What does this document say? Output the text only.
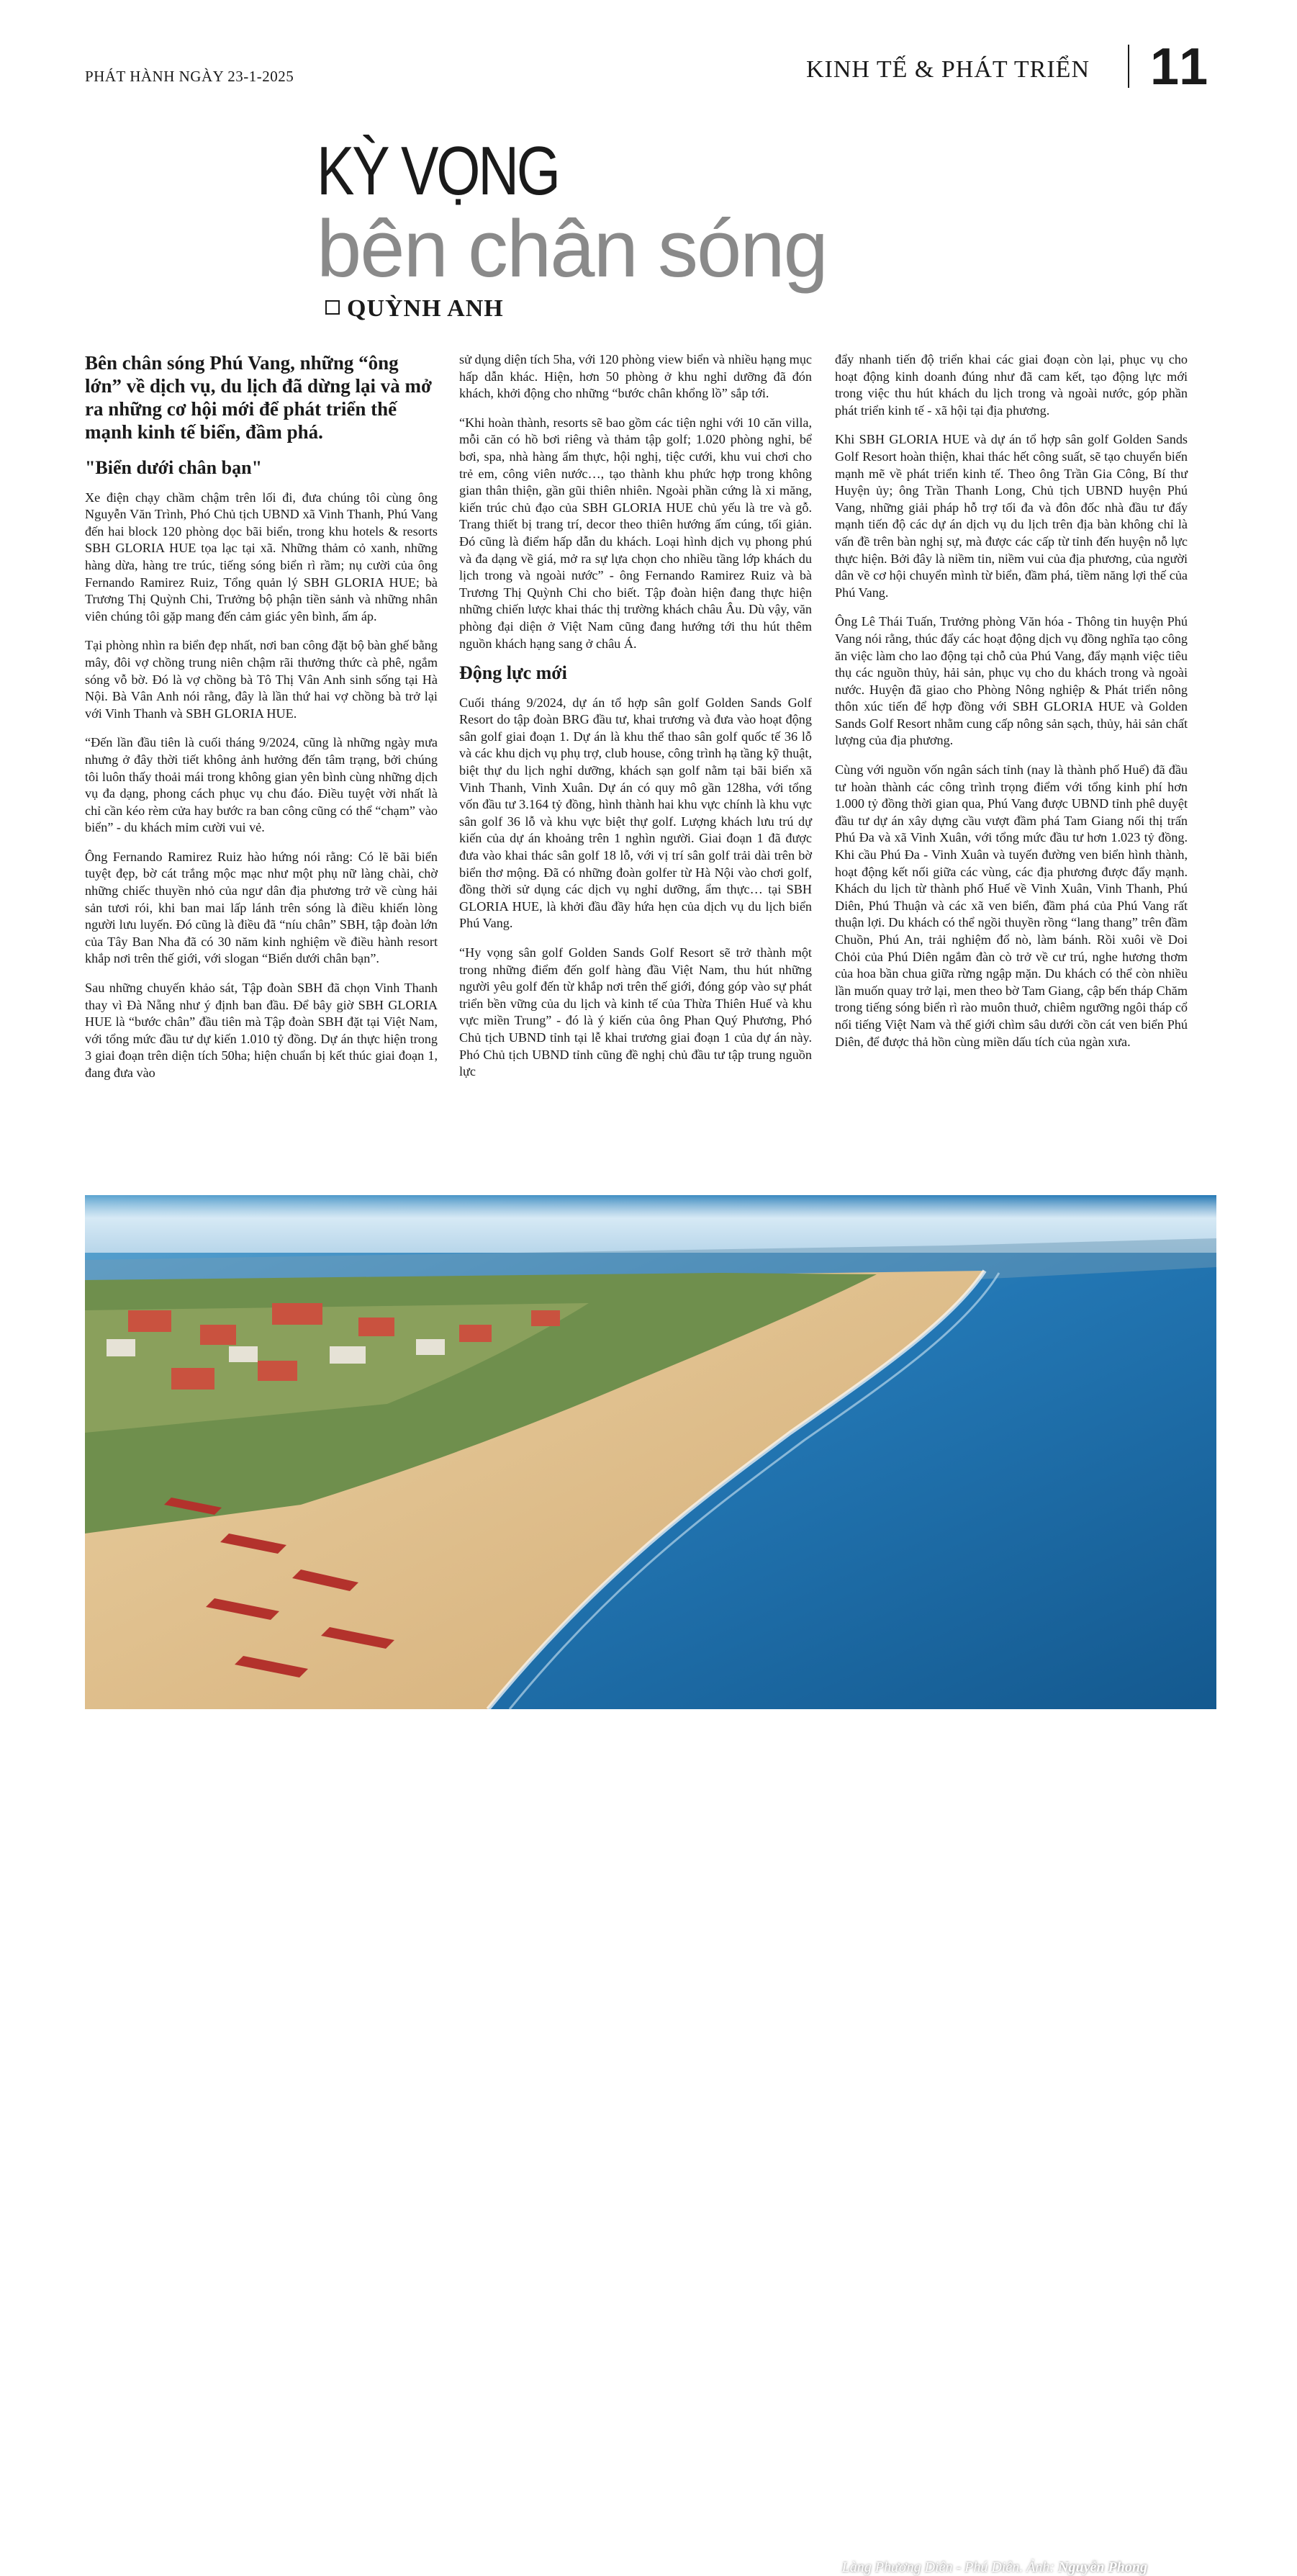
PHÁT HÀNH NGÀY 23-1-2025	KINH TẾ & PHÁT TRIỂN 11
KỲ VỌNG
bên chân sóng
QUỲNH ANH

Bên chân sóng Phú Vang, những “ông lớn” về dịch vụ, du lịch đã dừng lại và mở ra những cơ hội mới để phát triển thế mạnh kinh tế biển, đầm phá.

"Biển dưới chân bạn"

Xe điện chạy chầm chậm trên lối đi, đưa chúng tôi cùng ông Nguyễn Văn Trình, Phó Chủ tịch UBND xã Vinh Thanh, Phú Vang đến hai block 120 phòng dọc bãi biển, trong khu hotels & resorts SBH GLORIA HUE tọa lạc tại xã. Những thảm cỏ xanh, những hàng dừa, hàng tre trúc, tiếng sóng biển rì rầm; nụ cười của ông Fernando Ramirez Ruiz, Tổng quản lý SBH GLORIA HUE; bà Trương Thị Quỳnh Chi, Trưởng bộ phận tiền sảnh và những nhân viên chúng tôi gặp mang đến cảm giác yên bình, ấm áp.

Tại phòng nhìn ra biển đẹp nhất, nơi ban công đặt bộ bàn ghế bằng mây, đôi vợ chồng trung niên chậm rãi thưởng thức cà phê, ngắm sóng vỗ bờ. Đó là vợ chồng bà Tô Thị Vân Anh sinh sống tại Hà Nội. Bà Vân Anh nói rằng, đây là lần thứ hai vợ chồng bà trở lại với Vinh Thanh và SBH GLORIA HUE.

“Đến lần đầu tiên là cuối tháng 9/2024, cũng là những ngày mưa nhưng ở đây thời tiết không ảnh hưởng đến tâm trạng, bởi chúng tôi luôn thấy thoải mái trong không gian yên bình cùng những dịch vụ đa dạng, phong cách phục vụ chu đáo. Điều tuyệt vời nhất là chỉ cần kéo rèm cửa hay bước ra ban công cũng có thể “chạm” vào biển” - du khách mỉm cười vui vẻ.

Ông Fernando Ramirez Ruiz hào hứng nói rằng: Có lẽ bãi biển tuyệt đẹp, bờ cát trắng mộc mạc như một phụ nữ làng chài, chờ những chiếc thuyền nhỏ của ngư dân địa phương trở về cùng hải sản tươi rói, khi ban mai lấp lánh trên sóng là điều khiến lòng người lưu luyến. Đó cũng là điều đã “níu chân” SBH, tập đoàn lớn của Tây Ban Nha đã có 30 năm kinh nghiệm về điều hành resort khắp nơi trên thế giới, với slogan “Biển dưới chân bạn”.

Sau những chuyến khảo sát, Tập đoàn SBH đã chọn Vinh Thanh thay vì Đà Nẵng như ý định ban đầu. Để bây giờ SBH GLORIA HUE là “bước chân” đầu tiên mà Tập đoàn SBH đặt tại Việt Nam, với tổng mức đầu tư dự kiến 1.010 tỷ đồng. Dự án thực hiện trong 3 giai đoạn trên diện tích 50ha; hiện chuẩn bị kết thúc giai đoạn 1, đang đưa vào

sử dụng diện tích 5ha, với 120 phòng view biển và nhiều hạng mục hấp dẫn khác. Hiện, hơn 50 phòng ở khu nghỉ dưỡng đã đón khách, khởi động cho những “bước chân khổng lồ” sắp tới.

“Khi hoàn thành, resorts sẽ bao gồm các tiện nghi với 10 căn villa, mỗi căn có hồ bơi riêng và thảm tập golf; 1.020 phòng nghỉ, bể bơi, spa, nhà hàng ẩm thực, hội nghị, tiệc cưới, khu vui chơi cho trẻ em, công viên nước…, tạo thành khu phức hợp trong không gian thân thiện, gần gũi thiên nhiên. Ngoài phần cứng là xi măng, kiến trúc chủ đạo của SBH GLORIA HUE chủ yếu là tre và gỗ. Trang thiết bị trang trí, decor theo thiên hướng ấm cúng, tối giản. Đó cũng là điểm hấp dẫn du khách. Loại hình dịch vụ phong phú và đa dạng về giá, mở ra sự lựa chọn cho nhiều tầng lớp khách du lịch trong và ngoài nước” - ông Fernando Ramirez Ruiz và bà Trương Thị Quỳnh Chi cho biết. Tập đoàn hiện đang thực hiện những chiến lược khai thác thị trường khách châu Âu. Dù vậy, văn phòng đại diện ở Việt Nam cũng đang hướng tới thu hút thêm nguồn khách hạng sang ở châu Á.

Động lực mới

Cuối tháng 9/2024, dự án tổ hợp sân golf Golden Sands Golf Resort do tập đoàn BRG đầu tư, khai trương và đưa vào hoạt động sân golf giai đoạn 1. Dự án là khu thể thao sân golf quốc tế 36 lỗ và các khu dịch vụ phụ trợ, club house, công trình hạ tầng kỹ thuật, biệt thự du lịch nghỉ dưỡng, khách sạn golf nằm tại bãi biển xã Vinh Thanh, Vinh Xuân. Dự án có quy mô gần 128ha, với tổng vốn đầu tư 3.164 tỷ đồng, hình thành hai khu vực chính là khu vực sân golf 36 lỗ và khu vực biệt thự golf. Lượng khách lưu trú dự kiến của dự án khoảng trên 1 nghìn người. Giai đoạn 1 đã được đưa vào khai thác sân golf 18 lỗ, với vị trí sân golf trải dài trên bờ biển thơ mộng. Đã có những đoàn golfer từ Hà Nội vào chơi golf, đồng thời sử dụng các dịch vụ nghỉ dưỡng, ẩm thực… tại SBH GLORIA HUE, là khởi đầu đầy hứa hẹn của dịch vụ du lịch biển Phú Vang.

“Hy vọng sân golf Golden Sands Golf Resort sẽ trở thành một trong những điểm đến golf hàng đầu Việt Nam, thu hút những người yêu golf đến từ khắp nơi trên thế giới, đóng góp vào sự phát triển bền vững của du lịch và kinh tế của Thừa Thiên Huế và khu vực miền Trung” - đó là ý kiến của ông Phan Quý Phương, Phó Chủ tịch UBND tỉnh tại lễ khai trương giai đoạn 1 của dự án này. Phó Chủ tịch UBND tỉnh cũng đề nghị chủ đầu tư tập trung nguồn lực

đẩy nhanh tiến độ triển khai các giai đoạn còn lại, phục vụ cho hoạt động kinh doanh đúng như đã cam kết, tạo động lực mới trong việc thu hút khách du lịch trong và ngoài nước, góp phần phát triển kinh tế - xã hội tại địa phương.

Khi SBH GLORIA HUE và dự án tổ hợp sân golf Golden Sands Golf Resort hoàn thiện, khai thác hết công suất, sẽ tạo chuyển biến mạnh mẽ về phát triển kinh tế. Theo ông Trần Gia Công, Bí thư Huyện ủy; ông Trần Thanh Long, Chủ tịch UBND huyện Phú Vang, những giải pháp hỗ trợ tối đa và đôn đốc nhà đầu tư đẩy mạnh tiến độ các dự án dịch vụ du lịch trên địa bàn không chỉ là vấn đề trên bàn nghị sự, mà được các cấp từ tỉnh đến huyện nỗ lực thực hiện. Bởi đây là niềm tin, niềm vui của địa phương, của người dân về cơ hội chuyển mình từ biển, đầm phá, tiềm năng lợi thế của Phú Vang.

Ông Lê Thái Tuấn, Trưởng phòng Văn hóa - Thông tin huyện Phú Vang nói rằng, thúc đẩy các hoạt động dịch vụ đồng nghĩa tạo công ăn việc làm cho lao động tại chỗ của Phú Vang, đẩy mạnh việc tiêu thụ các nguồn thủy, hải sản, phục vụ cho du khách trong và ngoài nước. Huyện đã giao cho Phòng Nông nghiệp & Phát triển nông thôn xúc tiến để hợp đồng với SBH GLORIA HUE và Golden Sands Golf Resort nhằm cung cấp nông sản sạch, thủy, hải sản chất lượng của địa phương.

Cùng với nguồn vốn ngân sách tỉnh (nay là thành phố Huế) đã đầu tư hoàn thành các công trình trọng điểm với tổng kinh phí hơn 1.000 tỷ đồng thời gian qua, Phú Vang được UBND tỉnh phê duyệt đầu tư dự án xây dựng cầu vượt đầm phá Tam Giang nối thị trấn Phú Đa và xã Vinh Xuân, với tổng mức đầu tư hơn 1.023 tỷ đồng. Khi cầu Phú Đa - Vinh Xuân và tuyến đường ven biển hình thành, hoạt động kết nối giữa các vùng, các địa phương được đẩy mạnh. Khách du lịch từ thành phố Huế về Vinh Xuân, Vinh Thanh, Phú Diên, Phú Thuận và các xã ven biển, đầm phá của Phú Vang rất thuận lợi. Du khách có thể ngồi thuyền rồng “lang thang” trên đầm Chuồn, Phú An, trải nghiệm đổ nò, làm bánh. Rồi xuôi về Doi Chỏi của Phú Diên ngắm đàn cò trở về cư trú, nghe hương thơm của hoa bần chua giữa rừng ngập mặn. Du khách có thể còn nhiều lần muốn quay trở lại, men theo bờ Tam Giang, cập bến tháp Chăm trong tiếng sóng biển rì rào muôn thuở, chiêm ngưỡng ngôi tháp cổ nối tiếng Việt Nam và thế giới chìm sâu dưới cồn cát ven biển Phú Diên, để được thả hồn cùng miền dấu tích của ngàn xưa.

Làng Phương Diên - Phú Diên. Ảnh: Nguyễn Phong
